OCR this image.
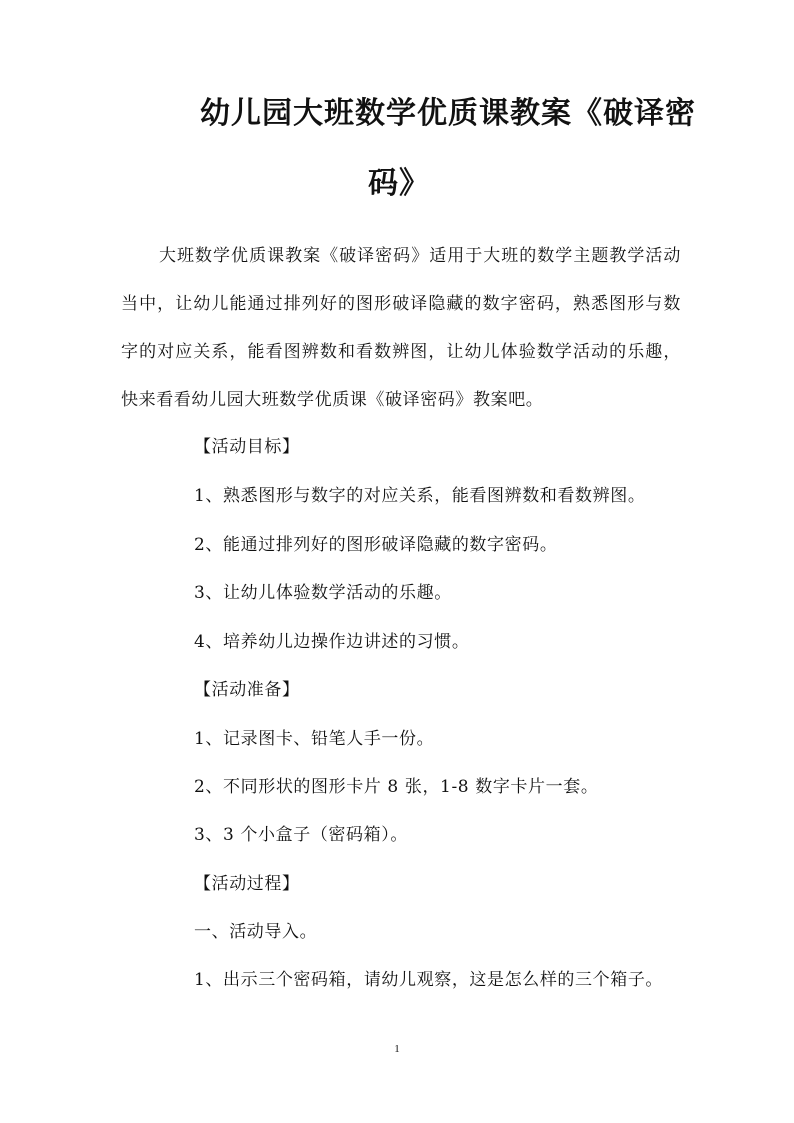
幼儿园大班数学优质课教案《破译密
码》

大班数学优质课教案《破译密码》适用于大班的数学主题教学活动当中，让幼儿能通过排列好的图形破译隐藏的数字密码，熟悉图形与数字的对应关系，能看图辨数和看数辨图，让幼儿体验数学活动的乐趣，快来看看幼儿园大班数学优质课《破译密码》教案吧。

【活动目标】
1、熟悉图形与数字的对应关系，能看图辨数和看数辨图。
2、能通过排列好的图形破译隐藏的数字密码。
3、让幼儿体验数学活动的乐趣。
4、培养幼儿边操作边讲述的习惯。
【活动准备】
1、记录图卡、铅笔人手一份。
2、不同形状的图形卡片 8 张，1-8 数字卡片一套。
3、3 个小盒子（密码箱）。
【活动过程】
一、活动导入。
1、出示三个密码箱，请幼儿观察，这是怎么样的三个箱子。
1
